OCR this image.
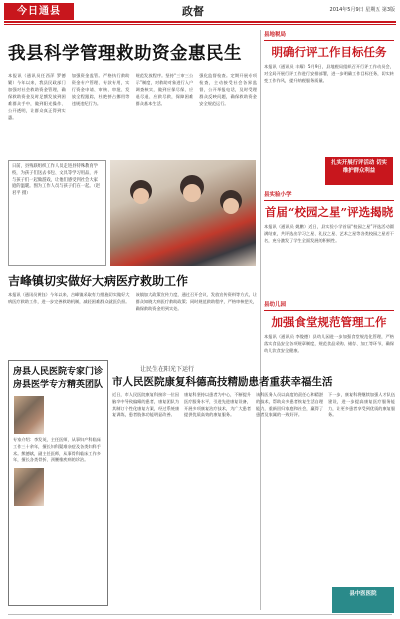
今日通县	政督	2014年5月9日 星期五 第3版
我县科学管理救助资金惠民生
本报讯（通讯员任西萍 罗德繁）今年以来，我县民政部门加强对社会救助资金管理，确保救助资金及时足额发放到困难群众手中，做到阳光操作、公开透明，让群众真正得到实惠。
加强资金监管。严格执行救助资金专户管理、专款专用，实行资金申请、审核、审批、发放全程跟踪，杜绝挤占挪用等违规违纪行为。
规范发放程序。坚持“三审三公示”制度，对救助对象进行入户调查核实，做到应保尽保、应退尽退、应救尽救，保障困难群众基本生活。
强化监督检查。定期开展专项检查，主动接受社会各界监督，公开举报电话，及时受理群众反映问题，确保救助资金安全规范运行。
日前，县残联组织工作人员走进县特殊教育学校，为孩子们送去书包、文具等学习用品，并与孩子们一起做游戏，让他们感受到社会大家庭的温暖。图为工作人员与孩子们在一起。（赵君平 摄）
吉峰镇切实做好大病医疗救助工作
本报讯（通讯员黄钰）今年以来，吉峰镇采取有力措施切实做好大病医疗救助工作，进一步完善救助机制，减轻困难群众就医负担。
该镇加大政策宣传力度，通过召开会议、发放宣传资料等方式，让群众知晓大病医疗救助政策；同时规范救助程序，严格审核把关，确保救助资金用到实处。
房县人民医院专家门诊 房县医学专方精英团队
专家介绍：李发英，主任医师，从事妇产科临床工作三十余年，擅长妇科疑难杂症及各类妇科手术。熊德斌，副主任医师，从事骨科临床工作多年，擅长各类骨折、颈腰椎疾病的诊治。
让民生在阳光下运行
市人民医院康复科德高技精励患者重获幸福生活
近日，市人民医院康复科接诊一位因脑卒中导致偏瘫的患者，康复团队为其制订个性化康复方案，经过系统康复训练，患者肢体功能明显改善。
康复科坚持以患者为中心，不断提升医疗服务水平，引进先进康复设备，开展多项康复治疗技术，为广大患者提供优质高效的康复服务。
该科医务人员以高度的责任心和精湛的技术，帮助众多患者恢复生活自理能力，重新回归家庭和社会，赢得了患者及家属的一致好评。
下一步，康复科将继续加强人才队伍建设，进一步提高康复医疗服务能力，让更多患者享受到优质的康复服务。
县地税局
明确行评工作目标任务
本报讯（通讯员 丰耀）5月9日，县地税局组织召开行评工作动员会，对全局开展行评工作进行安排部署，进一步明确工作目标任务，切实转变工作作风，提升纳税服务质量。
扎实开展行评活动 切实维护群众利益
县实验小学
首届“校园之星”评选揭晓
本报讯（通讯员 姚鹏）近日，县实验小学首届“校园之星”评选活动圆满结束，共评选出学习之星、礼仪之星、艺术之星等各类校园之星若干名，充分激发了学生全面发展的积极性。
县幼儿园
加强食堂规范管理工作
本报讯（通讯员 李俊德）县幼儿园进一步加强食堂规范化管理，严格落实食品安全各项规章制度，规范食品采购、储存、加工等环节，确保幼儿饮食安全健康。
县中医医院
